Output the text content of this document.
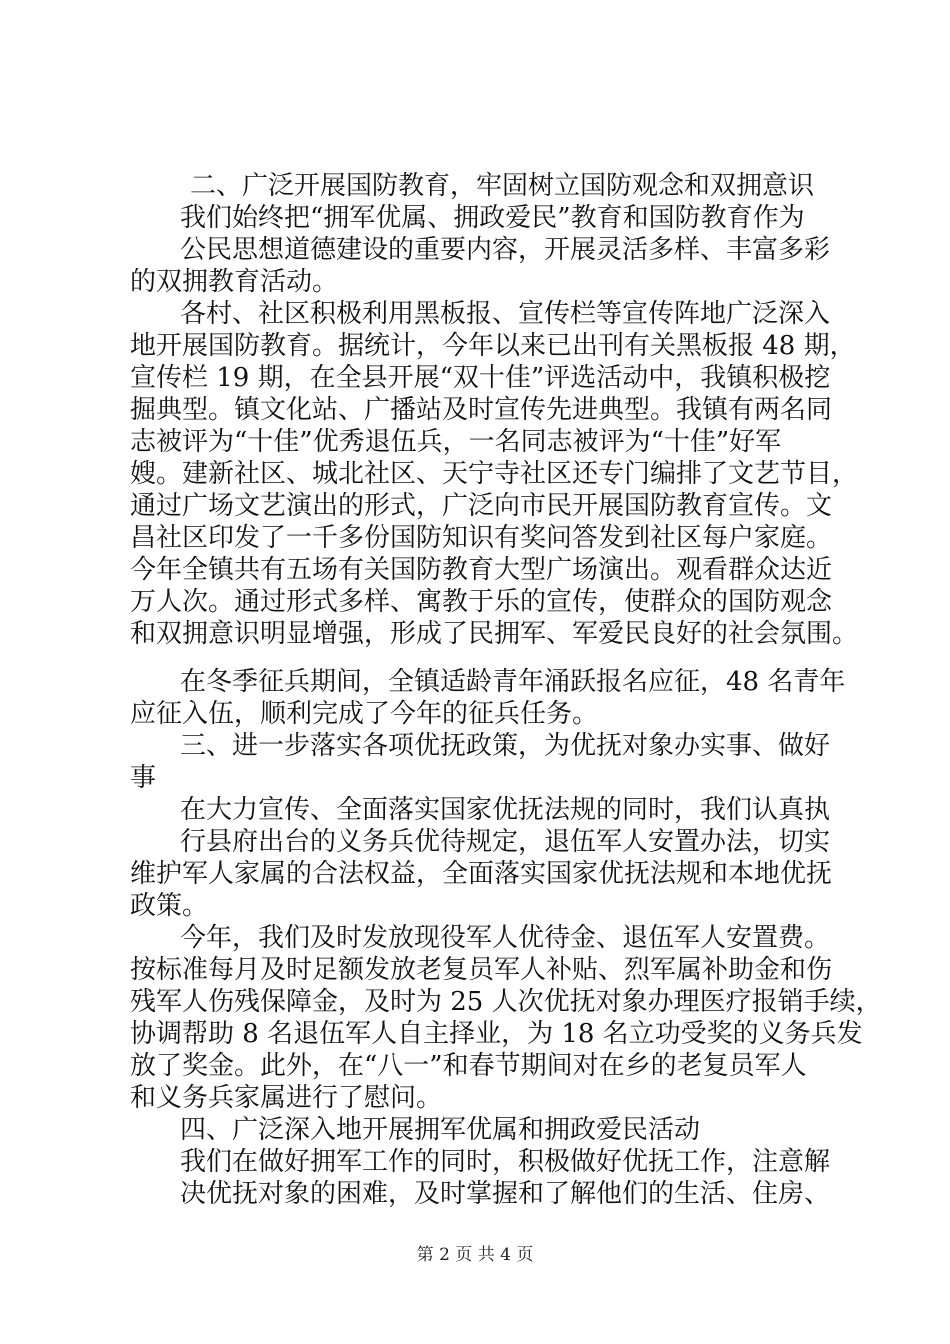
二、广泛开展国防教育，牢固树立国防观念和双拥意识
我们始终把“拥军优属、拥政爱民”教育和国防教育作为
公民思想道德建设的重要内容，开展灵活多样、丰富多彩
的双拥教育活动。
各村、社区积极利用黑板报、宣传栏等宣传阵地广泛深入
地开展国防教育。据统计，今年以来已出刊有关黑板报 48 期，
宣传栏 19 期，在全县开展“双十佳”评选活动中，我镇积极挖
掘典型。镇文化站、广播站及时宣传先进典型。我镇有两名同
志被评为“十佳”优秀退伍兵，一名同志被评为“十佳”好军
嫂。建新社区、城北社区、天宁寺社区还专门编排了文艺节目，
通过广场文艺演出的形式，广泛向市民开展国防教育宣传。文
昌社区印发了一千多份国防知识有奖问答发到社区每户家庭。
今年全镇共有五场有关国防教育大型广场演出。观看群众达近
万人次。通过形式多样、寓教于乐的宣传，使群众的国防观念
和双拥意识明显增强，形成了民拥军、军爱民良好的社会氛围。
在冬季征兵期间，全镇适龄青年涌跃报名应征，48 名青年
应征入伍，顺利完成了今年的征兵任务。
三、进一步落实各项优抚政策，为优抚对象办实事、做好
事
在大力宣传、全面落实国家优抚法规的同时，我们认真执
行县府出台的义务兵优待规定，退伍军人安置办法，切实
维护军人家属的合法权益，全面落实国家优抚法规和本地优抚
政策。
今年，我们及时发放现役军人优待金、退伍军人安置费。
按标准每月及时足额发放老复员军人补贴、烈军属补助金和伤
残军人伤残保障金，及时为 25 人次优抚对象办理医疗报销手续，
协调帮助 8 名退伍军人自主择业，为 18 名立功受奖的义务兵发
放了奖金。此外，在“八一”和春节期间对在乡的老复员军人
和义务兵家属进行了慰问。
四、广泛深入地开展拥军优属和拥政爱民活动
我们在做好拥军工作的同时，积极做好优抚工作，注意解
决优抚对象的困难，及时掌握和了解他们的生活、住房、
第 2 页 共 4 页
